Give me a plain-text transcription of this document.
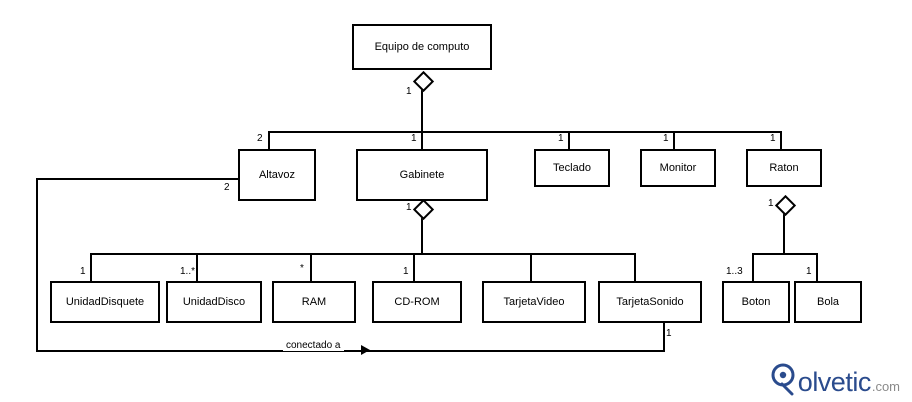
Equipo de computo
1
2	1	1	1	1
Altavoz	Gabinete
Teclado	Monitor	Raton
2
1
1	1..*	*	1
UnidadDisquete	UnidadDisco	RAM	CD-ROM	TarjetaVideo	TarjetaSonido
1
1..3	1
Boton	Bola
1
conectado a
olvetic .com
